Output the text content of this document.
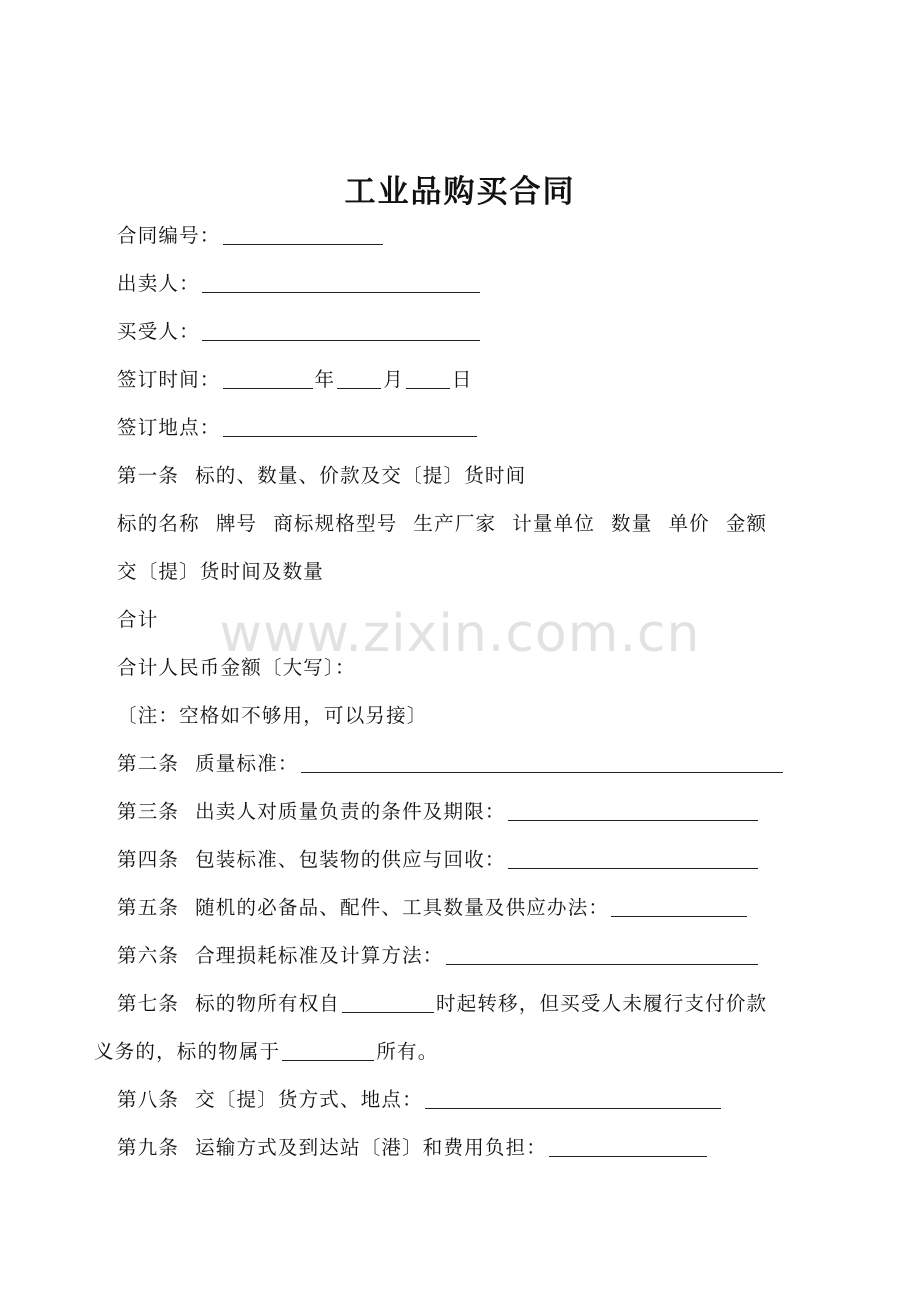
工业品购买合同
合同编号：
出卖人：
买受人：
签订时间：	年 月 日
签订地点：
第一条 标的、数量、价款及交〔提〕货时间
标的名称 牌号 商标规格型号 生产厂家 计量单位 数量 单价 金额
交〔提〕货时间及数量
合计
合计人民币金额〔大写〕：
〔注：空格如不够用，可以另接〕
第二条 质量标准：
第三条 出卖人对质量负责的条件及期限：
第四条 包装标准、包装物的供应与回收：
第五条 随机的必备品、配件、工具数量及供应办法：
第六条 合理损耗标准及计算方法：
第七条 标的物所有权自	时起转移，但买受人未履行支付价款
义务的，标的物属于	所有。
第八条 交〔提〕货方式、地点：
第九条 运输方式及到达站〔港〕和费用负担：
www.zixin.com.cn
